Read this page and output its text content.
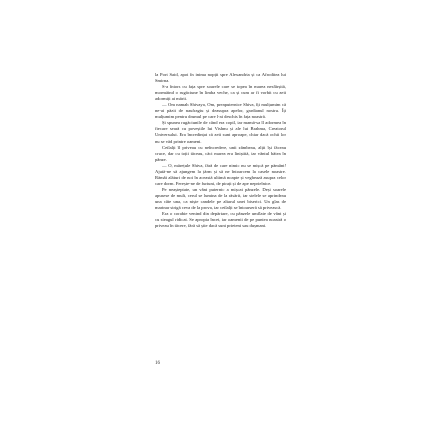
la Port Said, apoi în inima nopții spre Alexandria și ca Afroditea lui Smirna.

S-a întors cu fața spre soarele care se topea în marea nesfârșită, mormăind o rugăciune în limba veche, ca și cum ar fi vorbit cu zeii adormiți ai mării.

— Om namah Shivaya, Om, preaputernice Shiva, îți mulțumim că ne-ai păzit de naufragiu și deasupra apelor, gardianul nostru. Îți mulțumim pentru drumul pe care l-ai deschis în fața noastră.

Și spunea rugăciunile de când era copil, iar mamă-sa îl adormea în fiecare seară cu poveștile lui Vishnu și ale lui Brahma, Creatorul Universului. Era încredințat că zeii sunt aproape, chiar dacă ochii lor nu se văd printre oameni.

Ceilalți îl priveau cu neîncredere, unii zâmbeau, alții își făceau cruce, dar cu toții tăceau, căci marea era liniștită, iar vântul bătea în pânze.

— O, mărețule Shiva, fără de care nimic nu se mișcă pe pământ! Ajută-ne să ajungem la țărm și să ne întoarcem la casele noastre. Rămâi alături de noi în această ultimă noapte și veghează asupra celor care dorm. Ferește-ne de furtuni, de pirați și de ape neprielnice.

Pe neașteptate, un vânt puternic a mișcat pânzele. Deși soarele apusese de mult, cerul se lumina de la răsărit, iar stelele se aprindeau una câte una, ca niște candele pe altarul unei biserici. Un glas de marinar strigă ceva de la prova, iar ceilalți se întoarseră să privească.

Era o corabie venind din depărtare, cu pânzele umflate de vânt și cu steagul ridicat. Se apropia încet, iar oamenii de pe puntea noastră o priveau în tăcere, fără să știe dacă sunt prieteni sau dușmani.

16
